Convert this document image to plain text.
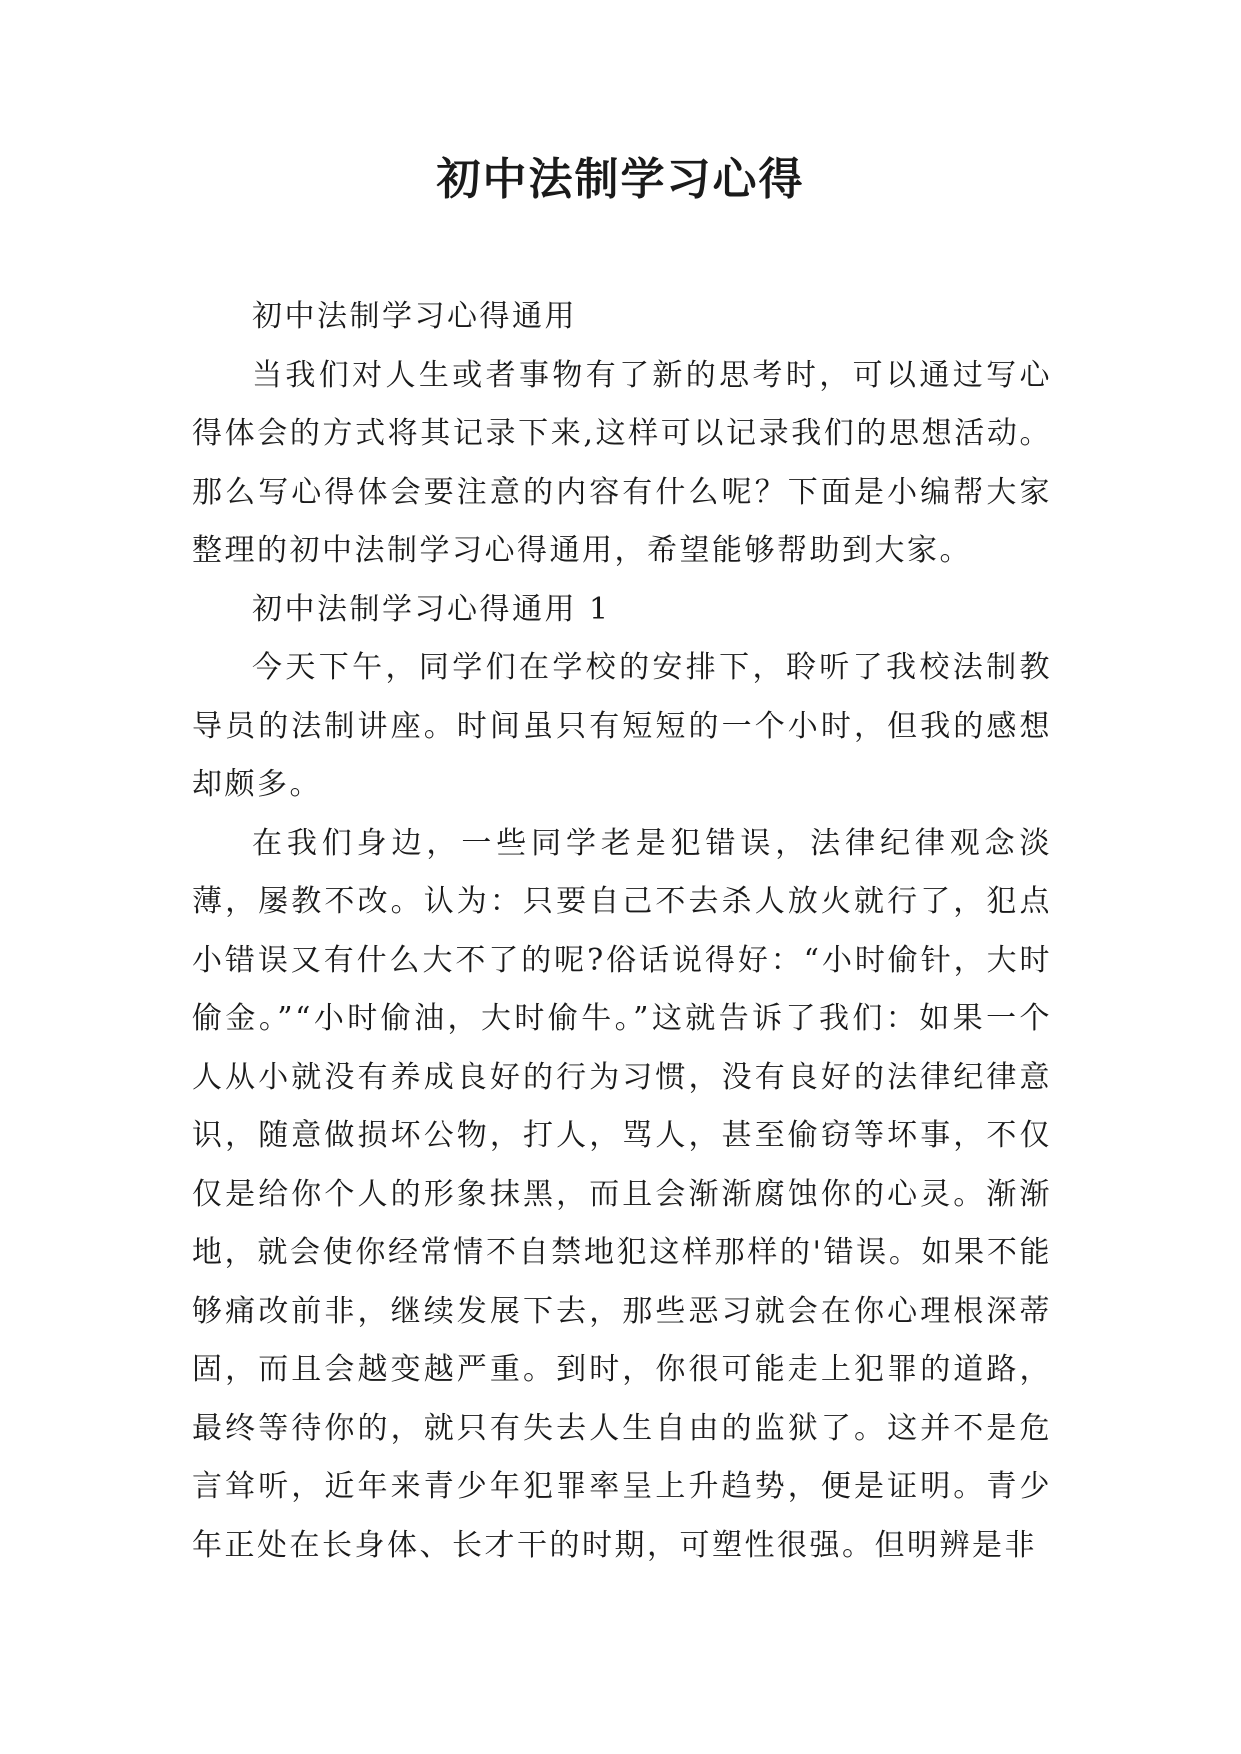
初中法制学习心得

初中法制学习心得通用

当我们对人生或者事物有了新的思考时，可以通过写心得体会的方式将其记录下来,这样可以记录我们的思想活动。那么写心得体会要注意的内容有什么呢？下面是小编帮大家整理的初中法制学习心得通用，希望能够帮助到大家。

初中法制学习心得通用 1

今天下午，同学们在学校的安排下，聆听了我校法制教导员的法制讲座。时间虽只有短短的一个小时，但我的感想却颇多。

在我们身边，一些同学老是犯错误，法律纪律观念淡薄，屡教不改。认为：只要自己不去杀人放火就行了，犯点小错误又有什么大不了的呢?俗话说得好：“小时偷针，大时偷金。”“小时偷油，大时偷牛。”这就告诉了我们：如果一个人从小就没有养成良好的行为习惯，没有良好的法律纪律意识，随意做损坏公物，打人，骂人，甚至偷窃等坏事，不仅仅是给你个人的形象抹黑，而且会渐渐腐蚀你的心灵。渐渐地，就会使你经常情不自禁地犯这样那样的'错误。如果不能够痛改前非，继续发展下去，那些恶习就会在你心理根深蒂固，而且会越变越严重。到时，你很可能走上犯罪的道路，最终等待你的，就只有失去人生自由的监狱了。这并不是危言耸听，近年来青少年犯罪率呈上升趋势，便是证明。青少年正处在长身体、长才干的时期，可塑性很强。但明辨是非
